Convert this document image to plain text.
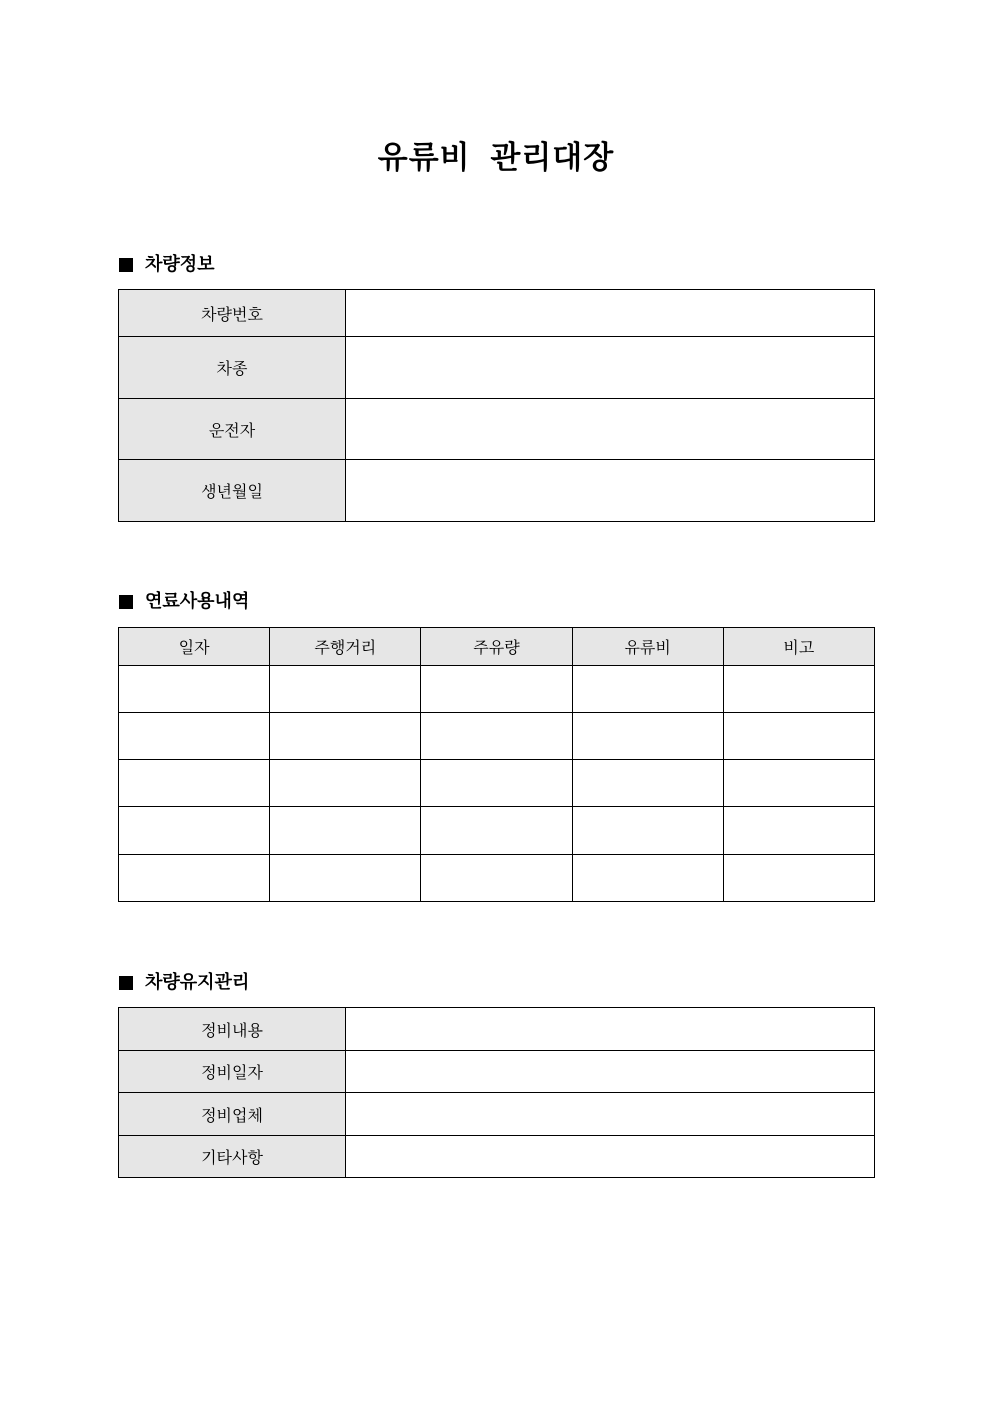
유류비 관리대장
차량정보
차량번호	
차종	
운전자	
생년월일	
연료사용내역
일자	주행거리	주유량	유류비	비고

차량유지관리
정비내용	
정비일자	
정비업체	
기타사항	
